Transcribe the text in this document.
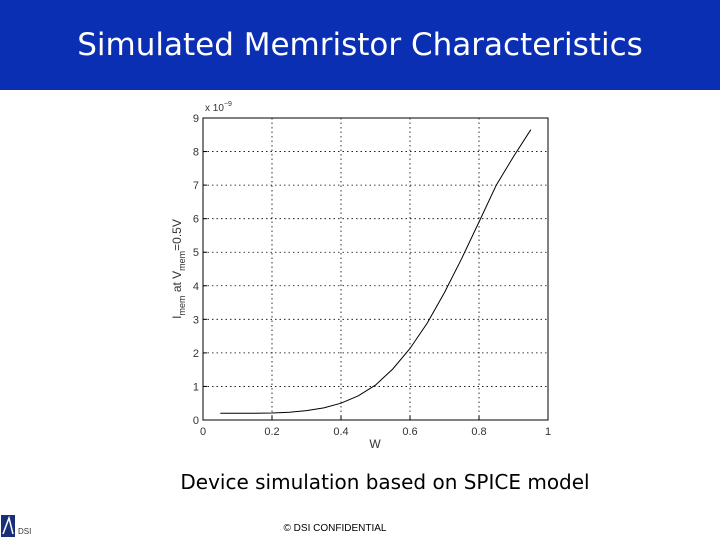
Simulated Memristor Characteristics
x $10^{-9}$
W
$I_{mem}$ at $V_{mem}=0.5V$
0	0.2	0.4	0.6	0.8	1
0
1
2
3
4
5
6
7
8
9
Device simulation based on SPICE model
DSI	© DSI CONFIDENTIAL
